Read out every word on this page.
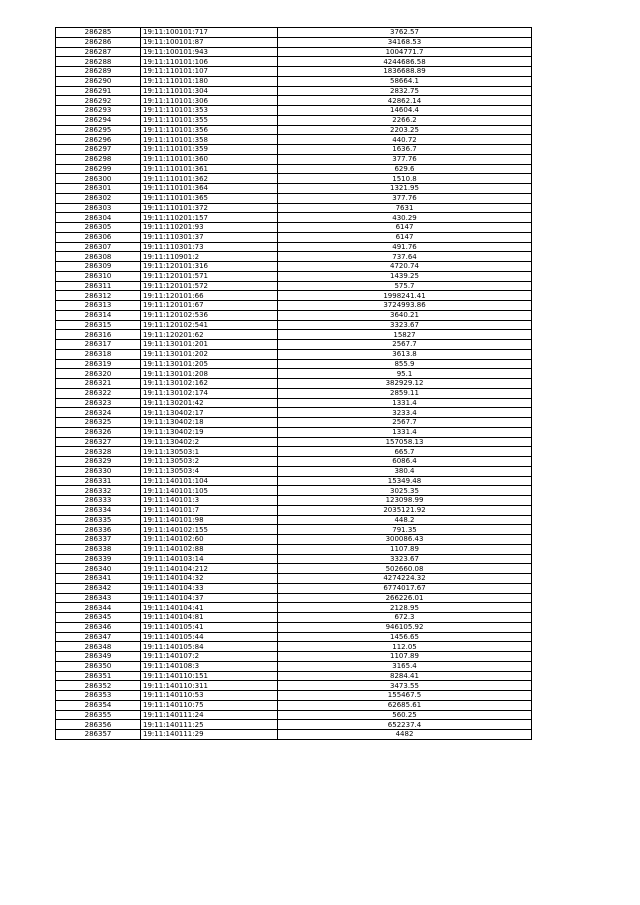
286285	19:11:100101:717	3762.57
286286	19:11:100101:87	34168.53
286287	19:11:100101:943	1004771.7
286288	19:11:110101:106	4244686.58
286289	19:11:110101:107	1836688.89
286290	19:11:110101:180	58664.1
286291	19:11:110101:304	2832.75
286292	19:11:110101:306	42862.14
286293	19:11:110101:353	14604.4
286294	19:11:110101:355	2266.2
286295	19:11:110101:356	2203.25
286296	19:11:110101:358	440.72
286297	19:11:110101:359	1636.7
286298	19:11:110101:360	377.76
286299	19:11:110101:361	629.6
286300	19:11:110101:362	1510.8
286301	19:11:110101:364	1321.95
286302	19:11:110101:365	377.76
286303	19:11:110101:372	7631
286304	19:11:110201:157	430.29
286305	19:11:110201:93	6147
286306	19:11:110301:37	6147
286307	19:11:110301:73	491.76
286308	19:11:110901:2	737.64
286309	19:11:120101:316	4720.74
286310	19:11:120101:571	1439.25
286311	19:11:120101:572	575.7
286312	19:11:120101:66	1998241.41
286313	19:11:120101:67	3724993.86
286314	19:11:120102:536	3640.21
286315	19:11:120102:541	3323.67
286316	19:11:120201:62	15827
286317	19:11:130101:201	2567.7
286318	19:11:130101:202	3613.8
286319	19:11:130101:205	855.9
286320	19:11:130101:208	95.1
286321	19:11:130102:162	382929.12
286322	19:11:130102:174	2859.11
286323	19:11:130201:42	1331.4
286324	19:11:130402:17	3233.4
286325	19:11:130402:18	2567.7
286326	19:11:130402:19	1331.4
286327	19:11:130402:2	157058.13
286328	19:11:130503:1	665.7
286329	19:11:130503:2	6086.4
286330	19:11:130503:4	380.4
286331	19:11:140101:104	15349.48
286332	19:11:140101:105	3025.35
286333	19:11:140101:3	123098.99
286334	19:11:140101:7	2035121.92
286335	19:11:140101:98	448.2
286336	19:11:140102:155	791.35
286337	19:11:140102:60	300086.43
286338	19:11:140102:88	1107.89
286339	19:11:140103:14	3323.67
286340	19:11:140104:212	502660.08
286341	19:11:140104:32	4274224.32
286342	19:11:140104:33	6774017.67
286343	19:11:140104:37	266226.01
286344	19:11:140104:41	2128.95
286345	19:11:140104:81	672.3
286346	19:11:140105:41	946105.92
286347	19:11:140105:44	1456.65
286348	19:11:140105:84	112.05
286349	19:11:140107:2	1107.89
286350	19:11:140108:3	3165.4
286351	19:11:140110:151	8284.41
286352	19:11:140110:311	3473.55
286353	19:11:140110:53	155467.5
286354	19:11:140110:75	62685.61
286355	19:11:140111:24	560.25
286356	19:11:140111:25	652237.4
286357	19:11:140111:29	4482
